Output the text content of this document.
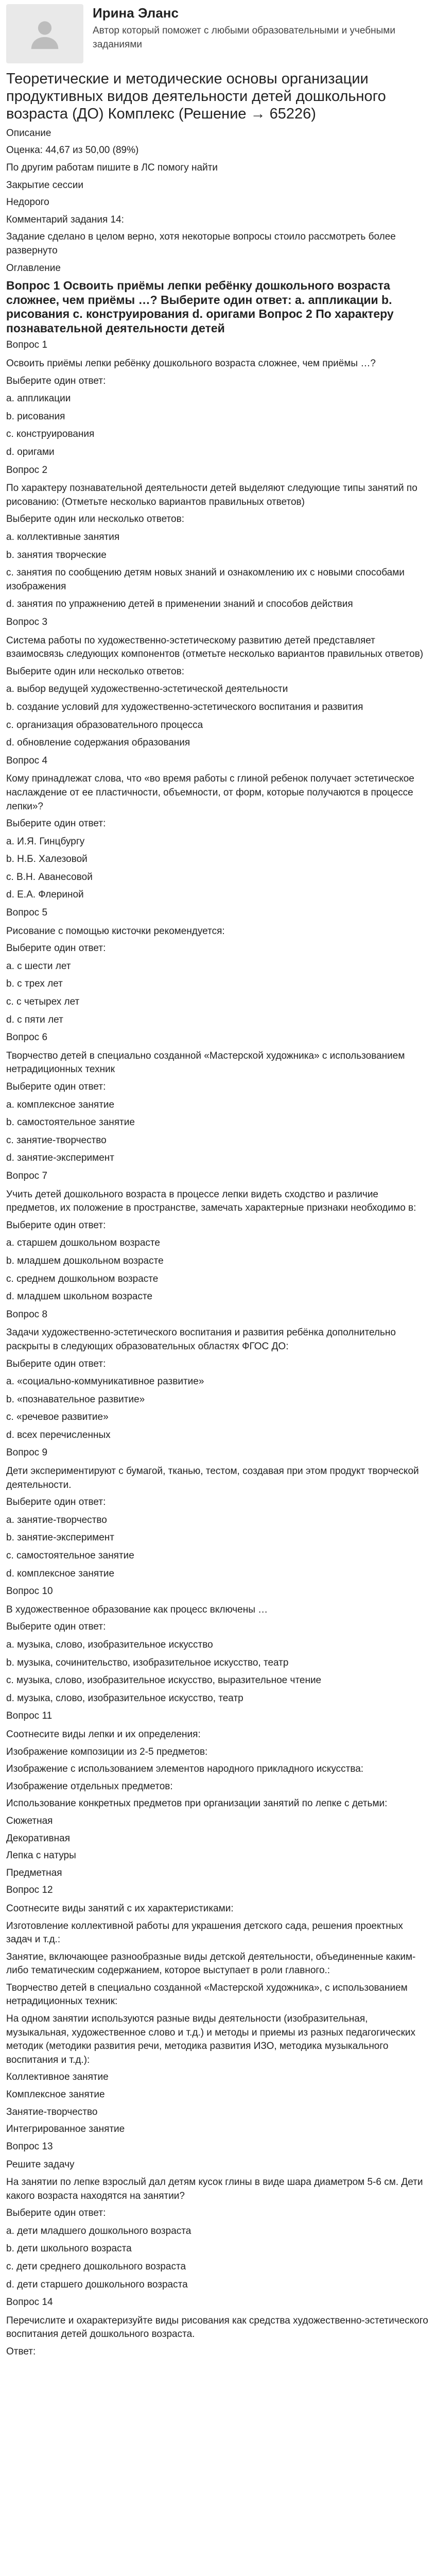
Ирина Эланс
Автор который поможет с любыми образовательными и учебными заданиями
Теоретические и методические основы организации продуктивных видов деятельности детей дошкольного возраста (ДО) Комплекс (Решение → 65226)

Описание

Оценка: 44,67 из 50,00 (89%)

По другим работам пишите в ЛС помогу найти

Закрытие сессии

Недорого

Комментарий задания 14:

Задание сделано в целом верно, хотя некоторые вопросы стоило рассмотреть более развернуто

Оглавление

Вопрос 1 Освоить приёмы лепки ребёнку дошкольного возраста сложнее, чем приёмы …? Выберите один ответ: a. аппликации b. рисования c. конструирования d. оригами Вопрос 2 По характеру познавательной деятельности детей

Вопрос 1

Освоить приёмы лепки ребёнку дошкольного возраста сложнее, чем приёмы …?

Выберите один ответ:

a. аппликации

b. рисования

c. конструирования

d. оригами

Вопрос 2

По характеру познавательной деятельности детей выделяют следующие типы занятий по рисованию: (Отметьте несколько вариантов правильных ответов)

Выберите один или несколько ответов:

a. коллективные занятия

b. занятия творческие

c. занятия по сообщению детям новых знаний и ознакомлению их с новыми способами изображения

d. занятия по упражнению детей в применении знаний и способов действия

Вопрос 3

Система работы по художественно-эстетическому развитию детей представляет взаимосвязь следующих компонентов (отметьте несколько вариантов правильных ответов)

Выберите один или несколько ответов:

a. выбор ведущей художественно-эстетической деятельности

b. создание условий для художественно-эстетического воспитания и развития

c. организация образовательного процесса

d. обновление содержания образования

Вопрос 4

Кому принадлежат слова, что «во время работы с глиной ребенок получает эстетическое наслаждение от ее пластичности, объемности, от форм, которые получаются в процессе лепки»?

Выберите один ответ:

a. И.Я. Гинцбургу

b. Н.Б. Халезовой

c. В.Н. Аванесовой

d. Е.А. Флериной

Вопрос 5

Рисование с помощью кисточки рекомендуется:

Выберите один ответ:

a. с шести лет

b. с трех лет

c. с четырех лет

d. с пяти лет

Вопрос 6

Творчество детей в специально созданной «Мастерской художника» с использованием нетрадиционных техник

Выберите один ответ:

a. комплексное занятие

b. самостоятельное занятие

c. занятие-творчество

d. занятие-эксперимент

Вопрос 7

Учить детей дошкольного возраста в процессе лепки видеть сходство и различие предметов, их положение в пространстве, замечать характерные признаки необходимо в:

Выберите один ответ:

a. старшем дошкольном возрасте

b. младшем дошкольном возрасте

c. среднем дошкольном возрасте

d. младшем школьном возрасте

Вопрос 8

Задачи художественно-эстетического воспитания и развития ребёнка дополнительно раскрыты в следующих образовательных областях ФГОС ДО:

Выберите один ответ:

a. «социально-коммуникативное развитие»

b. «познавательное развитие»

c. «речевое развитие»

d. всех перечисленных

Вопрос 9

Дети экспериментируют с бумагой, тканью, тестом, создавая при этом продукт творческой деятельности.

Выберите один ответ:

a. занятие-творчество

b. занятие-эксперимент

c. самостоятельное занятие

d. комплексное занятие

Вопрос 10

В художественное образование как процесс включены …

Выберите один ответ:

a. музыка, слово, изобразительное искусство

b. музыка, сочинительство, изобразительное искусство, театр

c. музыка, слово, изобразительное искусство, выразительное чтение

d. музыка, слово, изобразительное искусство, театр

Вопрос 11

Соотнесите виды лепки и их определения:

Изображение композиции из 2-5 предметов:

Изображение с использованием элементов народного прикладного искусства:

Изображение отдельных предметов:

Использование конкретных предметов при организации занятий по лепке с детьми:

Сюжетная

Декоративная

Лепка с натуры

Предметная

Вопрос 12

Соотнесите виды занятий с их характеристиками:

Изготовление коллективной работы для украшения детского сада, решения проектных задач и т.д.:

Занятие, включающее разнообразные виды детской деятельности, объединенные каким-либо тематическим содержанием, которое выступает в роли главного.:

Творчество детей в специально созданной «Мастерской художника», с использованием нетрадиционных техник:

На одном занятии используются разные виды деятельности (изобразительная, музыкальная, художественное слово и т.д.) и методы и приемы из разных педагогических методик (методики развития речи, методика развития ИЗО, методика музыкального воспитания и т.д.):

Коллективное занятие

Комплексное занятие

Занятие-творчество

Интегрированное занятие

Вопрос 13

Решите задачу

На занятии по лепке взрослый дал детям кусок глины в виде шара диаметром 5-6 см. Дети какого возраста находятся на занятии?

Выберите один ответ:

a. дети младшего дошкольного возраста

b. дети школьного возраста

c. дети среднего дошкольного возраста

d. дети старшего дошкольного возраста

Вопрос 14

Перечислите и охарактеризуйте виды рисования как средства художественно-эстетического воспитания детей дошкольного возраста.

Ответ:
